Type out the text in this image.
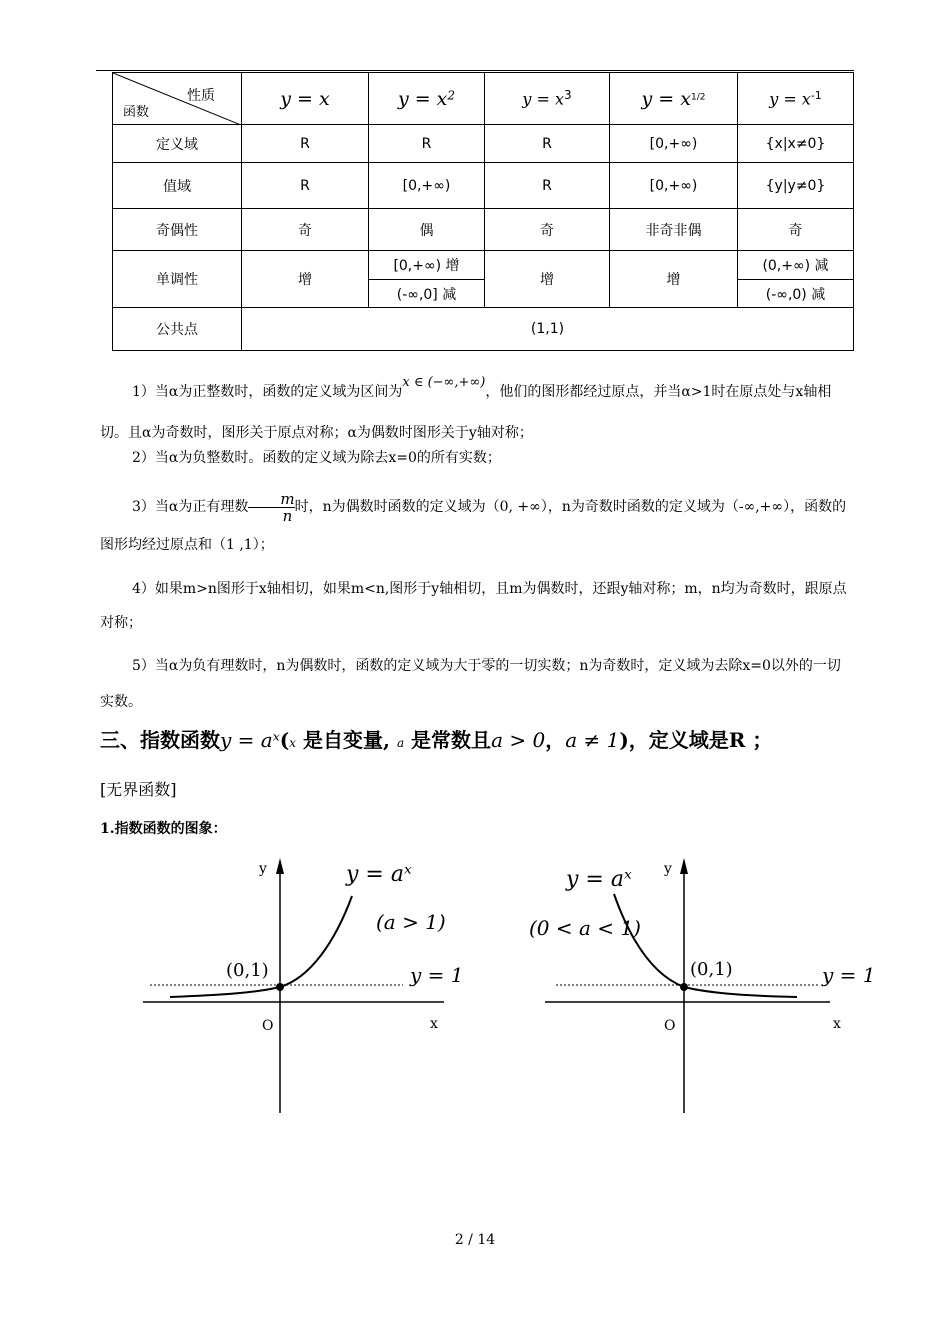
性质
函数	y = x	$y = x^2$	$y = x^3$	$y = x^{1/2}$	$y = x^{-1}$
定义域	R	R	R	[0,+∞)	{x|x≠0}
值域	R	[0,+∞)	R	[0,+∞)	{y|y≠0}
奇偶性	奇	偶	奇	非奇非偶	奇
单调性	增	[0,+∞) 增	增	增	(0,+∞) 减
		(-∞,0] 减			(-∞,0) 减
公共点	(1,1)				
1）当α为正整数时，函数的定义域为区间为x ∈ (−∞,+∞)，他们的图形都经过原点，并当α>1时在原点处与x轴相切。且α为奇数时，图形关于原点对称；α为偶数时图形关于y轴对称；
2）当α为负整数时。函数的定义域为除去x=0的所有实数；
3）当α为正有理数 $\frac{m}{n}$ 时，n为偶数时函数的定义域为（0, +∞），n为奇数时函数的定义域为（-∞,+∞），函数的图形均经过原点和（1 ,1）；
4）如果m>n图形于x轴相切，如果m<n,图形于y轴相切，且m为偶数时，还跟y轴对称；m，n均为奇数时，跟原点对称；
5）当α为负有理数时，n为偶数时，函数的定义域为大于零的一切实数；n为奇数时，定义域为去除x=0以外的一切实数。
三、指数函数y = aˣ(x 是自变量, a 是常数且a > 0，a ≠ 1)，定义域是R ；
[无界函数]
1.指数函数的图象：
y	y = aˣ
(a > 1)
(0,1)	y = 1
O	x
y
y = aˣ
(0 < a < 1)
(0,1)	y = 1
O	x
2 / 14
